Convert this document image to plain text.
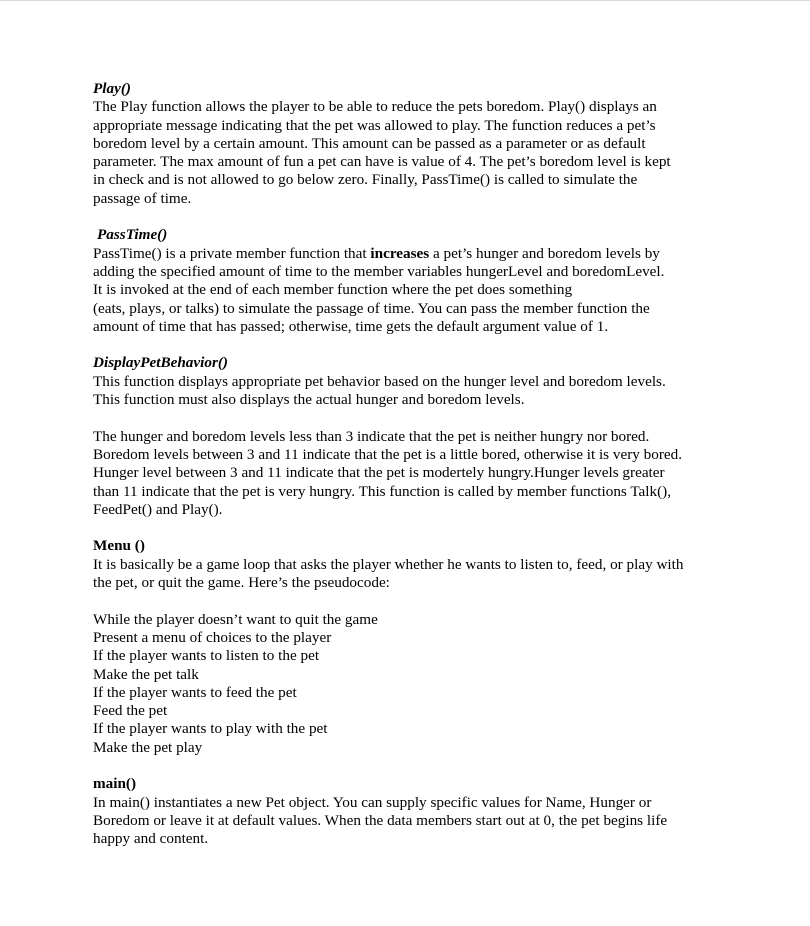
Play()
The Play function allows the player to be able to reduce the pets boredom. Play() displays an
appropriate message indicating that the pet was allowed to play. The function reduces a pet’s
boredom level by a certain amount. This amount can be passed as a parameter or as default
parameter. The max amount of fun a pet can have is value of 4. The pet’s boredom level is kept
in check and is not allowed to go below zero. Finally, PassTime() is called to simulate the
passage of time.
PassTime()
PassTime() is a private member function that increases a pet’s hunger and boredom levels by
adding the specified amount of time to the member variables hungerLevel and boredomLevel.
It is invoked at the end of each member function where the pet does something
(eats, plays, or talks) to simulate the passage of time. You can pass the member function the
amount of time that has passed; otherwise, time gets the default argument value of 1.
DisplayPetBehavior()
This function displays appropriate pet behavior based on the hunger level and boredom levels.
This function must also displays the actual hunger and boredom levels.
The hunger and boredom levels less than 3 indicate that the pet is neither hungry nor bored.
Boredom levels between 3 and 11 indicate that the pet is a little bored, otherwise it is very bored.
Hunger level between 3 and 11 indicate that the pet is modertely hungry.Hunger levels greater
than 11 indicate that the pet is very hungry. This function is called by member functions Talk(),
FeedPet() and Play().
Menu ()
It is basically be a game loop that asks the player whether he wants to listen to, feed, or play with
the pet, or quit the game. Here’s the pseudocode:
While the player doesn’t want to quit the game
Present a menu of choices to the player
If the player wants to listen to the pet
Make the pet talk
If the player wants to feed the pet
Feed the pet
If the player wants to play with the pet
Make the pet play
main()
In main() instantiates a new Pet object. You can supply specific values for Name, Hunger or
Boredom or leave it at default values. When the data members start out at 0, the pet begins life
happy and content.
